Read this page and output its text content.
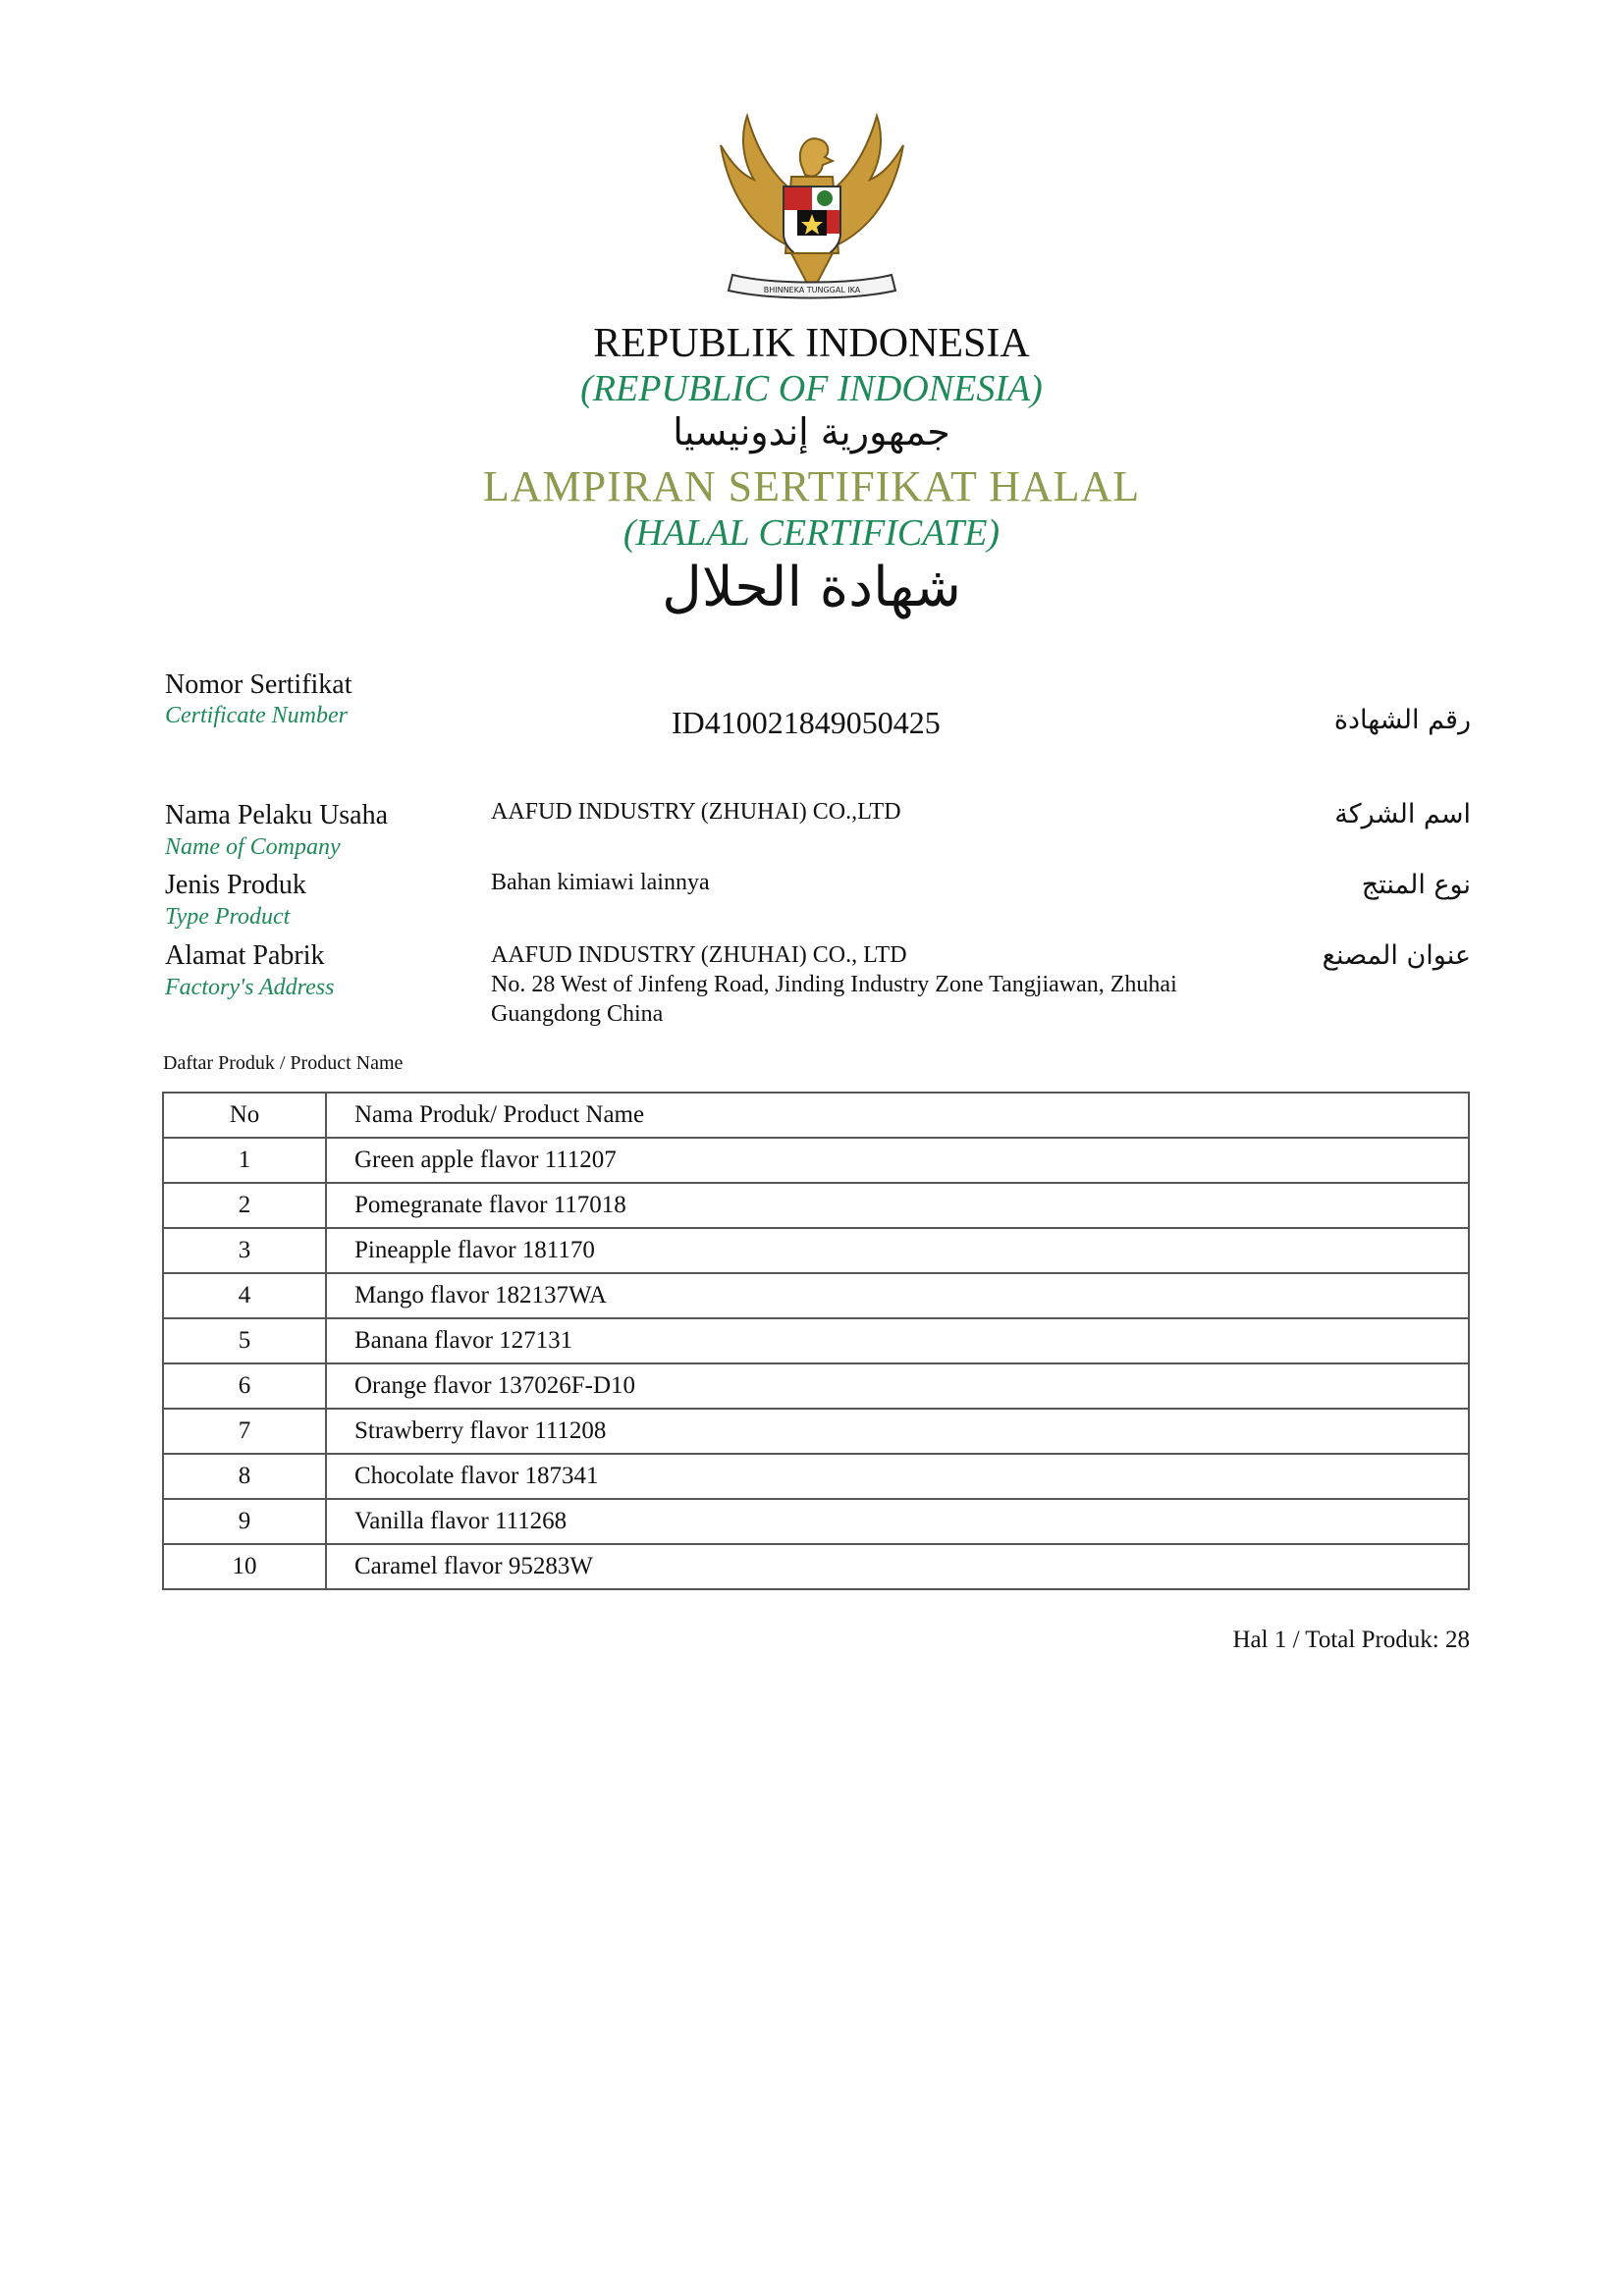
BHINNEKA TUNGGAL IKA
REPUBLIK INDONESIA
(REPUBLIC OF INDONESIA)
جمهورية إندونيسيا
LAMPIRAN SERTIFIKAT HALAL
(HALAL CERTIFICATE)
شهادة الحلال
Nomor Sertifikat
Certificate Number	ID410021849050425	رقم الشهادة
Nama Pelaku Usaha
Name of Company
AAFUD INDUSTRY (ZHUHAI) CO.,LTD	اسم الشركة
Jenis Produk
Type Product
Bahan kimiawi lainnya	نوع المنتج
Alamat Pabrik
Factory's Address
AAFUD INDUSTRY (ZHUHAI) CO., LTD
No. 28 West of Jinfeng Road, Jinding Industry Zone Tangjiawan, Zhuhai
Guangdong China
عنوان المصنع
Daftar Produk / Product Name
No	Nama Produk/ Product Name
1	Green apple flavor 111207
2	Pomegranate flavor 117018
3	Pineapple flavor 181170
4	Mango flavor 182137WA
5	Banana flavor 127131
6	Orange flavor 137026F-D10
7	Strawberry flavor 111208
8	Chocolate flavor 187341
9	Vanilla flavor 111268
10	Caramel flavor 95283W
Hal 1 / Total Produk: 28
